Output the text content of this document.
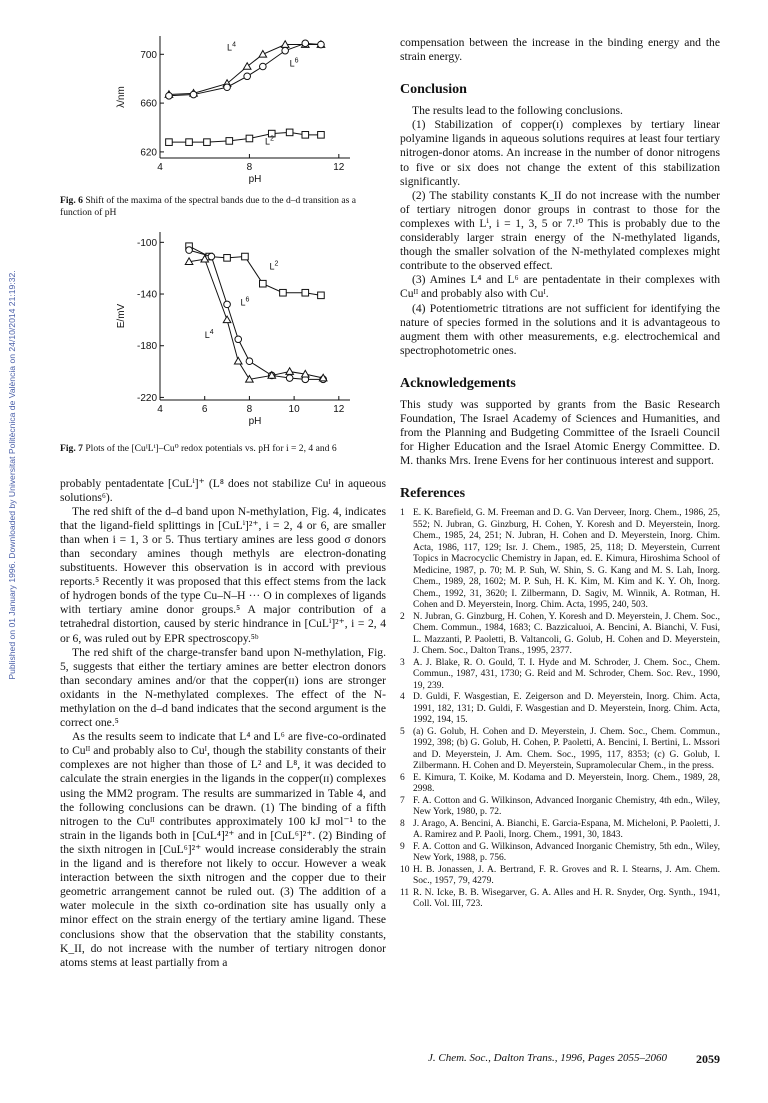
Published on 01 January 1996. Downloaded by Universitat Politècnica de València on 24/10/2014 21:19:32.
4	8	12
620
660
700
pH
λ/nm
$L^4$
$L^6$
$L^2$

Fig. 6 Shift of the maxima of the spectral bands due to the d–d transition as a function of pH

4	6	8	10	12
-100
-140
-180
-220
pH
E/mV
$L^2$
$L^6$
$L^4$

Fig. 7 Plots of the [CuᴵLⁱ]–Cu⁰ redox potentials vs. pH for i = 2, 4 and 6

probably pentadentate [CuLⁱ]⁺ (L⁸ does not stabilize Cuᴵ in aqueous solutions⁶).

The red shift of the d–d band upon N-methylation, Fig. 4, indicates that the ligand-field splittings in [CuLⁱ]²⁺, i = 2, 4 or 6, are smaller than when i = 1, 3 or 5. Thus tertiary amines are less good σ donors than secondary amines though methyls are electron-donating substituents. However this observation is in accord with previous reports.⁵ Recently it was proposed that this effect stems from the lack of hydrogen bonds of the type Cu–N–H ··· O in complexes of ligands with tertiary amine donor groups.⁵ A major contribution of a tetrahedral distortion, caused by steric hindrance in [CuLⁱ]²⁺, i = 2, 4 or 6, was ruled out by EPR spectroscopy.⁵ᵇ

The red shift of the charge-transfer band upon N-methylation, Fig. 5, suggests that either the tertiary amines are better electron donors than secondary amines and/or that the copper(ɪɪ) ions are stronger oxidants in the N-methylated complexes. The effect of the N-methylation on the d–d band indicates that the second argument is the correct one.⁵

As the results seem to indicate that L⁴ and L⁶ are five-co-ordinated to Cuᴵᴵ and probably also to Cuᴵ, though the stability constants of their complexes are not higher than those of L² and L⁸, it was decided to calculate the strain energies in the ligands in the copper(ɪɪ) complexes using the MM2 program. The results are summarized in Table 4, and the following conclusions can be drawn. (1) The binding of a fifth nitrogen to the Cuᴵᴵ contributes approximately 100 kJ mol⁻¹ to the strain in the ligands both in [CuL⁴]²⁺ and in [CuL⁶]²⁺. (2) Binding of the sixth nitrogen in [CuL⁶]²⁺ would increase considerably the strain in the ligand and is therefore not likely to occur. However a weak interaction between the sixth nitrogen and the copper due to their geometric arrangement cannot be ruled out. (3) The addition of a water molecule in the sixth co-ordination site has usually only a minor effect on the strain energy of the tertiary amine ligand. These conclusions show that the observation that the stability constants, K_II, do not increase with the number of tertiary nitrogen donor atoms stems at least partially from a

compensation between the increase in the binding energy and the strain energy.

Conclusion

The results lead to the following conclusions.

(1) Stabilization of copper(ɪ) complexes by tertiary linear polyamine ligands in aqueous solutions requires at least four tertiary nitrogen-donor atoms. An increase in the number of donor nitrogens to five or six does not change the extent of this stabilization significantly.

(2) The stability constants K_II do not increase with the number of tertiary nitrogen donor groups in contrast to those for the complexes with Lⁱ, i = 1, 3, 5 or 7.¹⁰ This is probably due to the considerably larger strain energy of the N-methylated ligands, though the smaller solvation of the N-methylated complexes might contribute to the observed effect.

(3) Amines L⁴ and L⁶ are pentadentate in their complexes with Cuᴵᴵ and probably also with Cuᴵ.

(4) Potentiometric titrations are not sufficient for identifying the nature of species formed in the solutions and it is advantageous to augment them with other measurements, e.g. electrochemical and spectrophotometric ones.

Acknowledgements

This study was supported by grants from the Basic Research Foundation, The Israel Academy of Sciences and Humanities, and from the Planning and Budgeting Committee of the Israeli Council for Higher Education and the Israel Atomic Energy Committee. D. M. thanks Mrs. Irene Evens for her continuous interest and support.

References
1 E. K. Barefield, G. M. Freeman and D. G. Van Derveer, Inorg. Chem., 1986, 25, 552; N. Jubran, G. Ginzburg, H. Cohen, Y. Koresh and D. Meyerstein, Inorg. Chem., 1985, 24, 251; N. Jubran, H. Cohen and D. Meyerstein, Inorg. Chim. Acta, 1986, 117, 129; Isr. J. Chem., 1985, 25, 118; D. Meyerstein, Current Topics in Macrocyclic Chemistry in Japan, ed. E. Kimura, Hiroshima School of Medicine, 1987, p. 70; M. P. Suh, W. Shin, S. G. Kang and M. S. Lah, Inorg. Chem., 1989, 28, 1602; M. P. Suh, H. K. Kim, M. Kim and K. Y. Oh, Inorg. Chem., 1992, 31, 3620; I. Zilbermann, D. Sagiv, M. Winnik, A. Rotman, H. Cohen and D. Meyerstein, Inorg. Chim. Acta, 1995, 240, 503.
2 N. Jubran, G. Ginzburg, H. Cohen, Y. Koresh and D. Meyerstein, J. Chem. Soc., Chem. Commun., 1984, 1683; C. Bazzicaluoi, A. Bencini, A. Bianchi, V. Fusi, L. Mazzanti, P. Paoletti, B. Valtancoli, G. Golub, H. Cohen and D. Meyerstein, J. Chem. Soc., Dalton Trans., 1995, 2377.
3 A. J. Blake, R. O. Gould, T. I. Hyde and M. Schroder, J. Chem. Soc., Chem. Commun., 1987, 431, 1730; G. Reid and M. Schroder, Chem. Soc. Rev., 1990, 19, 239.
4 D. Guldi, F. Wasgestian, E. Zeigerson and D. Meyerstein, Inorg. Chim. Acta, 1991, 182, 131; D. Guldi, F. Wasgestian and D. Meyerstein, Inorg. Chim. Acta, 1992, 194, 15.
5 (a) G. Golub, H. Cohen and D. Meyerstein, J. Chem. Soc., Chem. Commun., 1992, 398; (b) G. Golub, H. Cohen, P. Paoletti, A. Bencini, I. Bertini, L. Mssori and D. Meyerstein, J. Am. Chem. Soc., 1995, 117, 8353; (c) G. Golub, I. Zilbermann. H. Cohen and D. Meyerstein, Supramolecular Chem., in the press.
6 E. Kimura, T. Koike, M. Kodama and D. Meyerstein, Inorg. Chem., 1989, 28, 2998.
7 F. A. Cotton and G. Wilkinson, Advanced Inorganic Chemistry, 4th edn., Wiley, New York, 1980, p. 72.
8 J. Arago, A. Bencini, A. Bianchi, E. Garcia-Espana, M. Micheloni, P. Paoletti, J. A. Ramirez and P. Paoli, Inorg. Chem., 1991, 30, 1843.
9 F. A. Cotton and G. Wilkinson, Advanced Inorganic Chemistry, 5th edn., Wiley, New York, 1988, p. 756.
10 H. B. Jonassen, J. A. Bertrand, F. R. Groves and R. I. Stearns, J. Am. Chem. Soc., 1957, 79, 4279.
11 R. N. Icke, B. B. Wisegarver, G. A. Alles and H. R. Snyder, Org. Synth., 1941, Coll. Vol. III, 723.
J. Chem. Soc., Dalton Trans., 1996, Pages 2055–2060 2059
